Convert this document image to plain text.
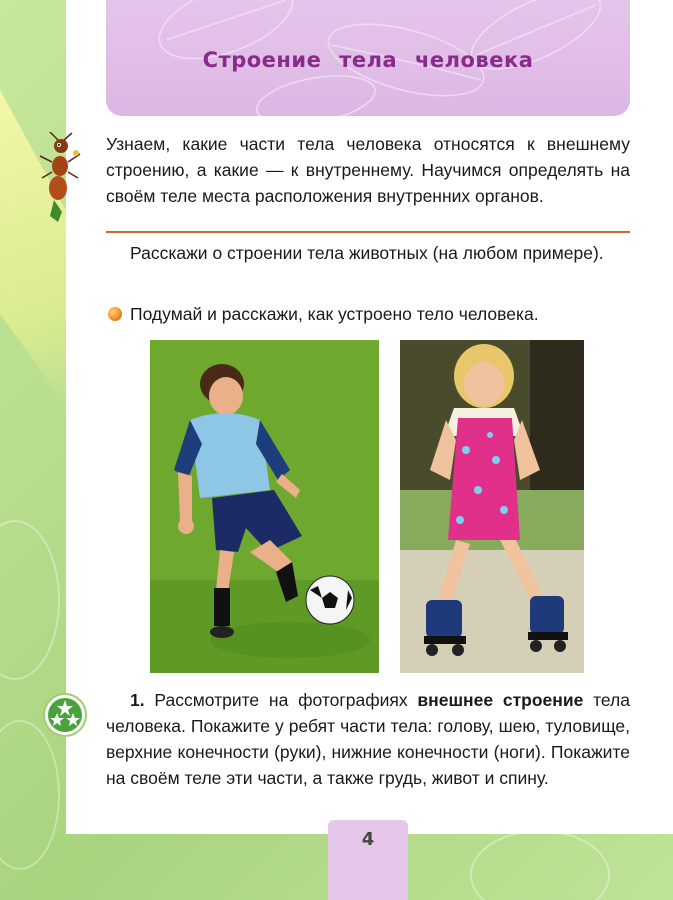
Строение тела человека
Узнаем, какие части тела человека относятся к внешнему строению, а какие — к внутреннему. Научимся определять на своём теле места расположения внутренних органов.
Расскажи о строении тела животных (на любом примере).
Подумай и расскажи, как устроено тело человека.
1. Рассмотрите на фотографиях внешнее строение тела человека. Покажите у ребят части тела: голову, шею, туловище, верхние конечности (руки), нижние конечности (ноги). Покажите на своём теле эти части, а также грудь, живот и спину.
4
